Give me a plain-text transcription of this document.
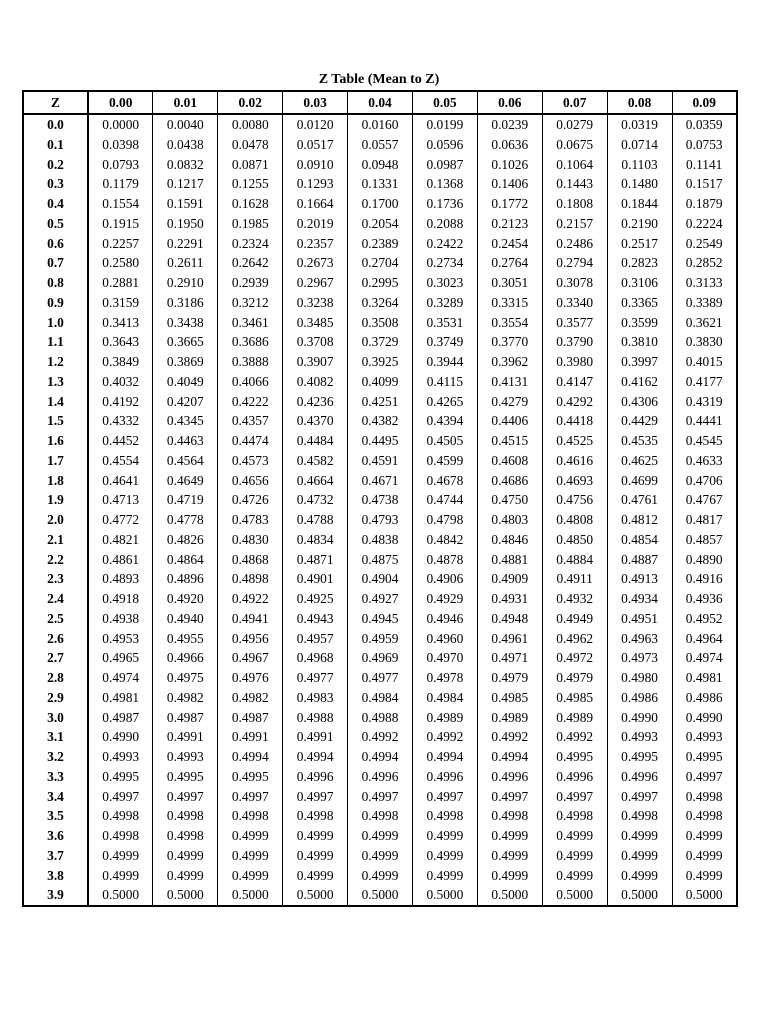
Z Table (Mean to Z)
Z	0.00	0.01	0.02	0.03	0.04	0.05	0.06	0.07	0.08	0.09
0.0	0.0000	0.0040	0.0080	0.0120	0.0160	0.0199	0.0239	0.0279	0.0319	0.0359
0.1	0.0398	0.0438	0.0478	0.0517	0.0557	0.0596	0.0636	0.0675	0.0714	0.0753
0.2	0.0793	0.0832	0.0871	0.0910	0.0948	0.0987	0.1026	0.1064	0.1103	0.1141
0.3	0.1179	0.1217	0.1255	0.1293	0.1331	0.1368	0.1406	0.1443	0.1480	0.1517
0.4	0.1554	0.1591	0.1628	0.1664	0.1700	0.1736	0.1772	0.1808	0.1844	0.1879
0.5	0.1915	0.1950	0.1985	0.2019	0.2054	0.2088	0.2123	0.2157	0.2190	0.2224
0.6	0.2257	0.2291	0.2324	0.2357	0.2389	0.2422	0.2454	0.2486	0.2517	0.2549
0.7	0.2580	0.2611	0.2642	0.2673	0.2704	0.2734	0.2764	0.2794	0.2823	0.2852
0.8	0.2881	0.2910	0.2939	0.2967	0.2995	0.3023	0.3051	0.3078	0.3106	0.3133
0.9	0.3159	0.3186	0.3212	0.3238	0.3264	0.3289	0.3315	0.3340	0.3365	0.3389
1.0	0.3413	0.3438	0.3461	0.3485	0.3508	0.3531	0.3554	0.3577	0.3599	0.3621
1.1	0.3643	0.3665	0.3686	0.3708	0.3729	0.3749	0.3770	0.3790	0.3810	0.3830
1.2	0.3849	0.3869	0.3888	0.3907	0.3925	0.3944	0.3962	0.3980	0.3997	0.4015
1.3	0.4032	0.4049	0.4066	0.4082	0.4099	0.4115	0.4131	0.4147	0.4162	0.4177
1.4	0.4192	0.4207	0.4222	0.4236	0.4251	0.4265	0.4279	0.4292	0.4306	0.4319
1.5	0.4332	0.4345	0.4357	0.4370	0.4382	0.4394	0.4406	0.4418	0.4429	0.4441
1.6	0.4452	0.4463	0.4474	0.4484	0.4495	0.4505	0.4515	0.4525	0.4535	0.4545
1.7	0.4554	0.4564	0.4573	0.4582	0.4591	0.4599	0.4608	0.4616	0.4625	0.4633
1.8	0.4641	0.4649	0.4656	0.4664	0.4671	0.4678	0.4686	0.4693	0.4699	0.4706
1.9	0.4713	0.4719	0.4726	0.4732	0.4738	0.4744	0.4750	0.4756	0.4761	0.4767
2.0	0.4772	0.4778	0.4783	0.4788	0.4793	0.4798	0.4803	0.4808	0.4812	0.4817
2.1	0.4821	0.4826	0.4830	0.4834	0.4838	0.4842	0.4846	0.4850	0.4854	0.4857
2.2	0.4861	0.4864	0.4868	0.4871	0.4875	0.4878	0.4881	0.4884	0.4887	0.4890
2.3	0.4893	0.4896	0.4898	0.4901	0.4904	0.4906	0.4909	0.4911	0.4913	0.4916
2.4	0.4918	0.4920	0.4922	0.4925	0.4927	0.4929	0.4931	0.4932	0.4934	0.4936
2.5	0.4938	0.4940	0.4941	0.4943	0.4945	0.4946	0.4948	0.4949	0.4951	0.4952
2.6	0.4953	0.4955	0.4956	0.4957	0.4959	0.4960	0.4961	0.4962	0.4963	0.4964
2.7	0.4965	0.4966	0.4967	0.4968	0.4969	0.4970	0.4971	0.4972	0.4973	0.4974
2.8	0.4974	0.4975	0.4976	0.4977	0.4977	0.4978	0.4979	0.4979	0.4980	0.4981
2.9	0.4981	0.4982	0.4982	0.4983	0.4984	0.4984	0.4985	0.4985	0.4986	0.4986
3.0	0.4987	0.4987	0.4987	0.4988	0.4988	0.4989	0.4989	0.4989	0.4990	0.4990
3.1	0.4990	0.4991	0.4991	0.4991	0.4992	0.4992	0.4992	0.4992	0.4993	0.4993
3.2	0.4993	0.4993	0.4994	0.4994	0.4994	0.4994	0.4994	0.4995	0.4995	0.4995
3.3	0.4995	0.4995	0.4995	0.4996	0.4996	0.4996	0.4996	0.4996	0.4996	0.4997
3.4	0.4997	0.4997	0.4997	0.4997	0.4997	0.4997	0.4997	0.4997	0.4997	0.4998
3.5	0.4998	0.4998	0.4998	0.4998	0.4998	0.4998	0.4998	0.4998	0.4998	0.4998
3.6	0.4998	0.4998	0.4999	0.4999	0.4999	0.4999	0.4999	0.4999	0.4999	0.4999
3.7	0.4999	0.4999	0.4999	0.4999	0.4999	0.4999	0.4999	0.4999	0.4999	0.4999
3.8	0.4999	0.4999	0.4999	0.4999	0.4999	0.4999	0.4999	0.4999	0.4999	0.4999
3.9	0.5000	0.5000	0.5000	0.5000	0.5000	0.5000	0.5000	0.5000	0.5000	0.5000
